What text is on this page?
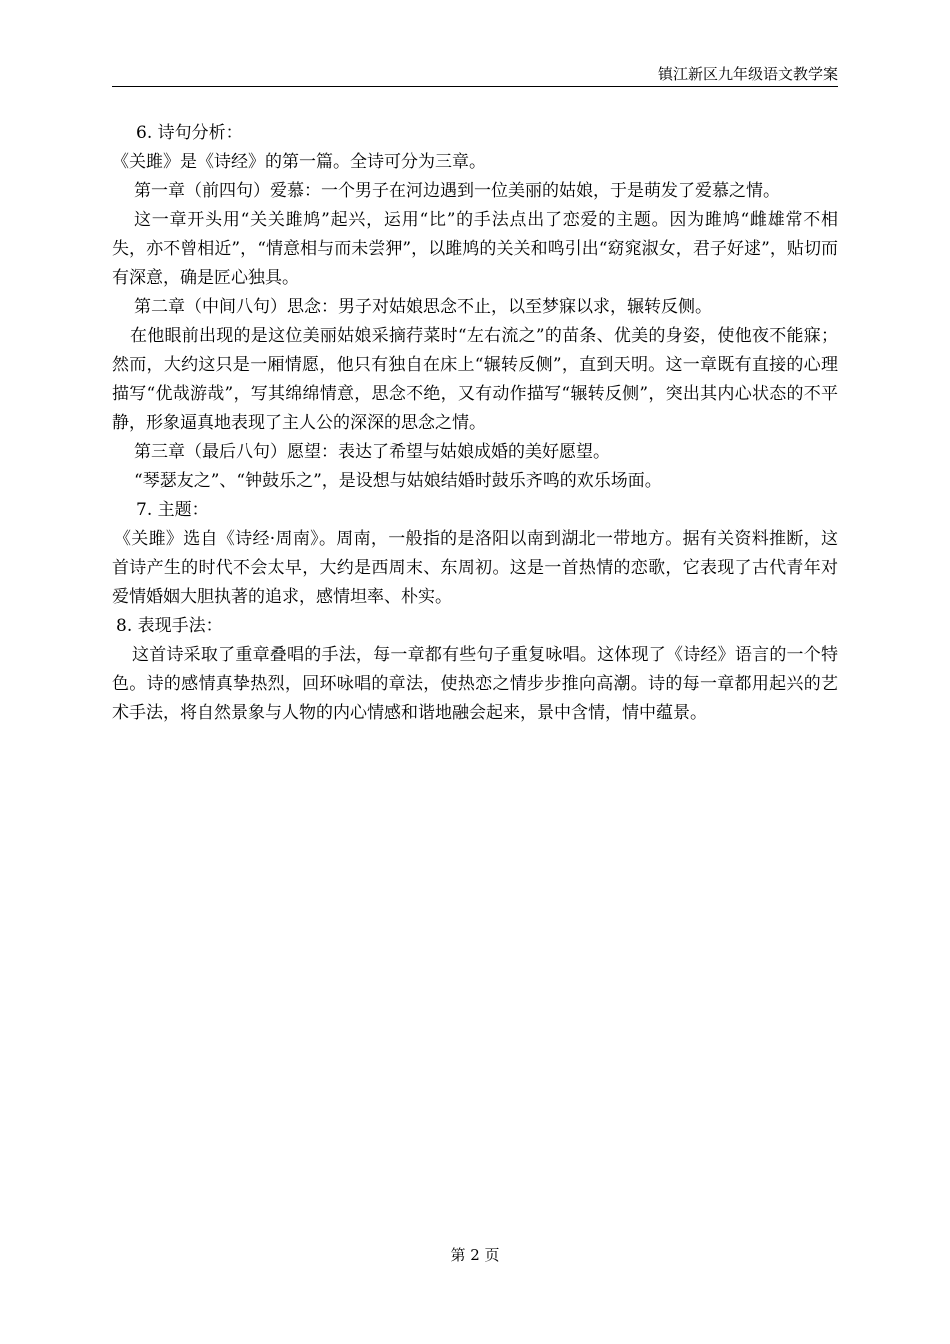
镇江新区九年级语文教学案

6. 诗句分析：

《关雎》是《诗经》的第一篇。全诗可分为三章。

第一章（前四句）爱慕：一个男子在河边遇到一位美丽的姑娘，于是萌发了爱慕之情。

这一章开头用“关关雎鸠”起兴，运用“比”的手法点出了恋爱的主题。因为雎鸠“雌雄常不相失，亦不曾相近”，“情意相与而未尝狎”，以雎鸠的关关和鸣引出“窈窕淑女，君子好逑”，贴切而有深意，确是匠心独具。

第二章（中间八句）思念：男子对姑娘思念不止，以至梦寐以求，辗转反侧。

在他眼前出现的是这位美丽姑娘采摘荇菜时“左右流之”的苗条、优美的身姿，使他夜不能寐；然而，大约这只是一厢情愿，他只有独自在床上“辗转反侧”，直到天明。这一章既有直接的心理描写“优哉游哉”，写其绵绵情意，思念不绝，又有动作描写“辗转反侧”，突出其内心状态的不平静，形象逼真地表现了主人公的深深的思念之情。

第三章（最后八句）愿望：表达了希望与姑娘成婚的美好愿望。

“琴瑟友之”、“钟鼓乐之”，是设想与姑娘结婚时鼓乐齐鸣的欢乐场面。

7. 主题：

《关雎》选自《诗经·周南》。周南，一般指的是洛阳以南到湖北一带地方。据有关资料推断，这首诗产生的时代不会太早，大约是西周末、东周初。这是一首热情的恋歌，它表现了古代青年对爱情婚姻大胆执著的追求，感情坦率、朴实。

8. 表现手法：

这首诗采取了重章叠唱的手法，每一章都有些句子重复咏唱。这体现了《诗经》语言的一个特色。诗的感情真挚热烈，回环咏唱的章法，使热恋之情步步推向高潮。诗的每一章都用起兴的艺术手法，将自然景象与人物的内心情感和谐地融会起来，景中含情，情中蕴景。

第 2 页
